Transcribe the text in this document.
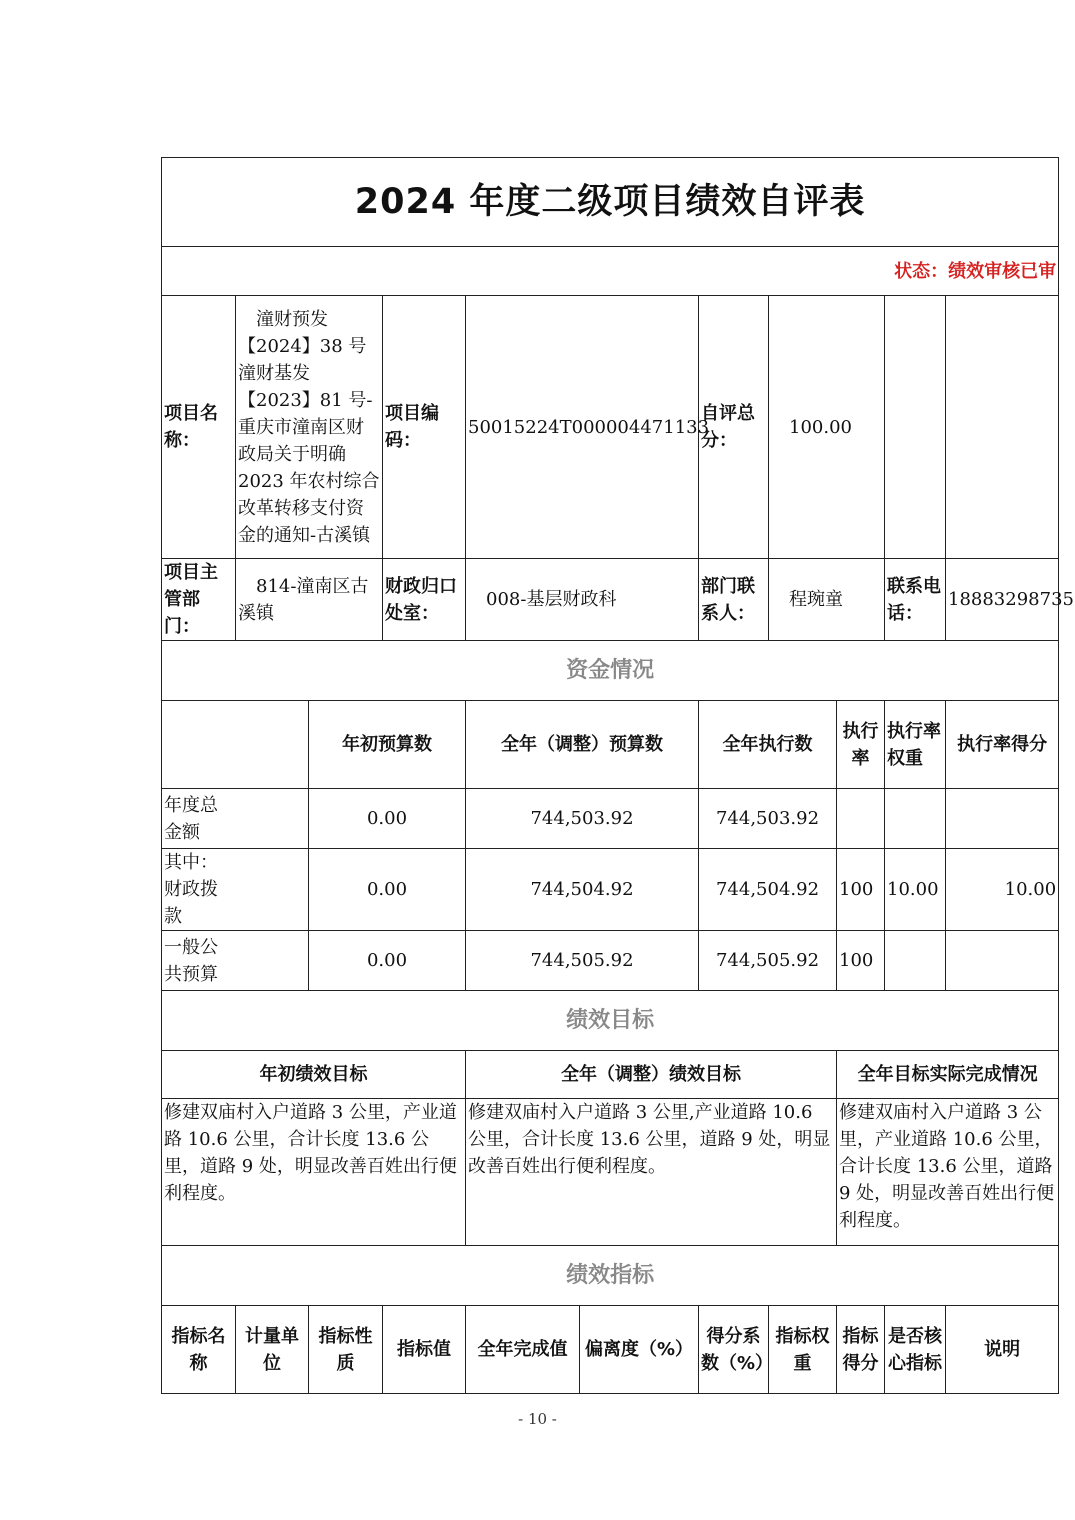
2024 年度二级项目绩效自评表										
状态：绩效审核已审										
项目名称：	潼财预发【2024】38 号潼财基发【2023】81 号-重庆市潼南区财政局关于明确 2023 年农村综合改革转移支付资金的通知-古溪镇		项目编码：	50015224T000004471133		自评总分：	100.00			
项目主管部门：	814-潼南区古溪镇		财政归口处室：	008-基层财政科		部门联系人：	程琬童		联系电话：	18883298735
资金情况										
		年初预算数		全年（调整）预算数		全年执行数		执行率	执行率权重	执行率得分
年度总金额		0.00		744,503.92		744,503.92				
其中：财政拨款		0.00		744,504.92		744,504.92		100	10.00	10.00
一般公共预算		0.00		744,505.92		744,505.92		100		
绩效目标										
年初绩效目标				全年（调整）绩效目标				全年目标实际完成情况		
修建双庙村入户道路 3 公里，产业道路 10.6 公里，合计长度 13.6 公里，道路 9 处，明显改善百姓出行便利程度。				修建双庙村入户道路 3 公里,产业道路 10.6 公里，合计长度 13.6 公里，道路 9 处，明显改善百姓出行便利程度。				修建双庙村入户道路 3 公里，产业道路 10.6 公里，合计长度 13.6 公里，道路 9 处，明显改善百姓出行便利程度。		
绩效指标										
指标名称	计量单位	指标性质	指标值	全年完成值	偏离度（%）	得分系数（%）	指标权重	指标得分	是否核心指标	说明
- 10 -
